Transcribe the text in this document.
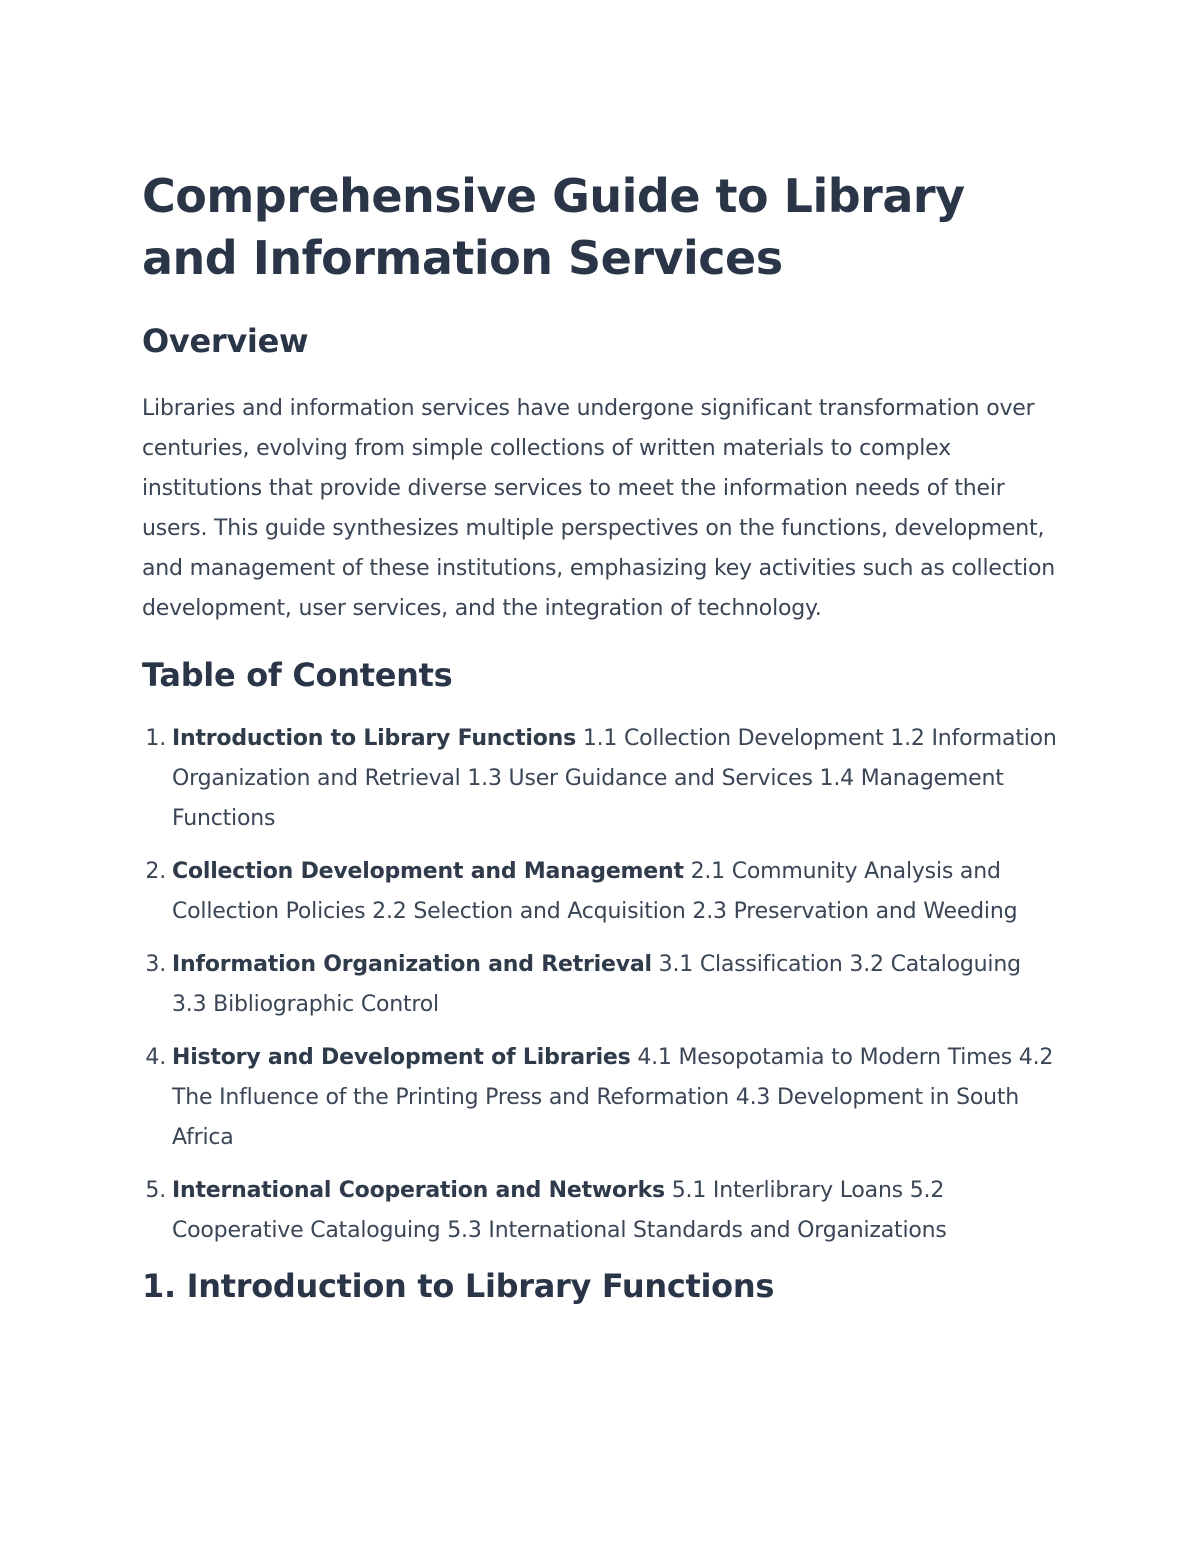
Comprehensive Guide to Library and Information Services
Overview

Libraries and information services have undergone significant transformation over centuries, evolving from simple collections of written materials to complex institutions that provide diverse services to meet the information needs of their users. This guide synthesizes multiple perspectives on the functions, development, and management of these institutions, emphasizing key activities such as collection development, user services, and the integration of technology.

Table of Contents
1. Introduction to Library Functions 1.1 Collection Development 1.2 Information Organization and Retrieval 1.3 User Guidance and Services 1.4 Management Functions
2. Collection Development and Management 2.1 Community Analysis and Collection Policies 2.2 Selection and Acquisition 2.3 Preservation and Weeding
3. Information Organization and Retrieval 3.1 Classification 3.2 Cataloguing 3.3 Bibliographic Control
4. History and Development of Libraries 4.1 Mesopotamia to Modern Times 4.2 The Influence of the Printing Press and Reformation 4.3 Development in South Africa
5. International Cooperation and Networks 5.1 Interlibrary Loans 5.2 Cooperative Cataloguing 5.3 International Standards and Organizations
1. Introduction to Library Functions
